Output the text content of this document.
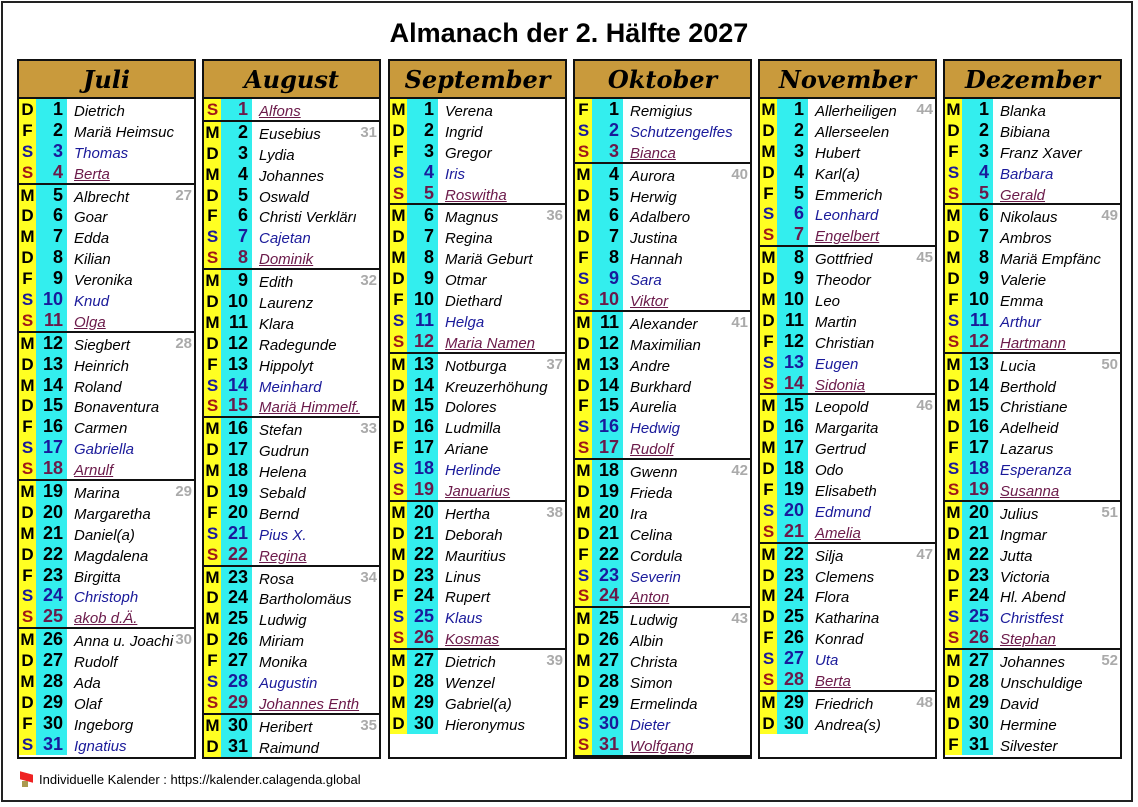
Almanach der 2. Hälfte 2027
Juli
D	1 Dietrich
F	2 Mariä Heimsuc
S	3 Thomas
S	4 Berta
M	5 Albrecht	27
D	6 Goar
M	7 Edda
D	8 Kilian
F	9 Veronika
S 10 Knud
S 11 Olga
M 12 Siegbert	28
D 13 Heinrich
M 14 Roland
D 15 Bonaventura
F 16 Carmen
S 17 Gabriella
S 18 Arnulf
M 19 Marina	29
D 20 Margaretha
M 21 Daniel(a)
D 22 Magdalena
F 23 Birgitta
S 24 Christoph
S 25 akob d.Ä.
M 26 Anna u. Joachi 30
D 27 Rudolf
M 28 Ada
D 29 Olaf
F 30 Ingeborg
S 31 Ignatius
August
S	1 Alfons
M	2 Eusebius	31
D	3 Lydia
M	4 Johannes
D	5 Oswald
F	6 Christi Verklärı
S	7 Cajetan
S	8 Dominik
M	9 Edith	32
D 10 Laurenz
M 11 Klara
D 12 Radegunde
F 13 Hippolyt
S 14 Meinhard
S 15 Mariä Himmelf.
M 16 Stefan	33
D 17 Gudrun
M 18 Helena
D 19 Sebald
F 20 Bernd
S 21 Pius X.
S 22 Regina
M 23 Rosa	34
D 24 Bartholomäus
M 25 Ludwig
D 26 Miriam
F 27 Monika
S 28 Augustin
S 29 Johannes Enth
M 30 Heribert	35
D 31 Raimund
September
M	1 Verena
D	2 Ingrid
F	3 Gregor
S	4 Iris
S	5 Roswitha
M	6 Magnus	36
D	7 Regina
M	8 Mariä Geburt
D	9 Otmar
F 10 Diethard
S 11 Helga
S 12 Maria Namen
M 13 Notburga	37
D 14 Kreuzerhöhung
M 15 Dolores
D 16 Ludmilla
F 17 Ariane
S 18 Herlinde
S 19 Januarius
M 20 Hertha	38
D 21 Deborah
M 22 Mauritius
D 23 Linus
F 24 Rupert
S 25 Klaus
S 26 Kosmas
M 27 Dietrich	39
D 28 Wenzel
M 29 Gabriel(a)
D 30 Hieronymus
Oktober
F	1 Remigius
S	2 Schutzengelfes
S	3 Bianca
M	4 Aurora	40
D	5 Herwig
M	6 Adalbero
D	7 Justina
F	8 Hannah
S	9 Sara
S 10 Viktor
M 11 Alexander	41
D 12 Maximilian
M 13 Andre
D 14 Burkhard
F 15 Aurelia
S 16 Hedwig
S 17 Rudolf
M 18 Gwenn	42
D 19 Frieda
M 20 Ira
D 21 Celina
F 22 Cordula
S 23 Severin
S 24 Anton
M 25 Ludwig	43
D 26 Albin
M 27 Christa
D 28 Simon
F 29 Ermelinda
S 30 Dieter
S 31 Wolfgang
November
M	1 Allerheiligen	44
D	2 Allerseelen
M	3 Hubert
D	4 Karl(a)
F	5 Emmerich
S	6 Leonhard
S	7 Engelbert
M	8 Gottfried	45
D	9 Theodor
M 10 Leo
D 11 Martin
F 12 Christian
S 13 Eugen
S 14 Sidonia
M 15 Leopold	46
D 16 Margarita
M 17 Gertrud
D 18 Odo
F 19 Elisabeth
S 20 Edmund
S 21 Amelia
M 22 Silja	47
D 23 Clemens
M 24 Flora
D 25 Katharina
F 26 Konrad
S 27 Uta
S 28 Berta
M 29 Friedrich	48
D 30 Andrea(s)
Dezember
M	1 Blanka
D	2 Bibiana
F	3 Franz Xaver
S	4 Barbara
S	5 Gerald
M	6 Nikolaus	49
D	7 Ambros
M	8 Mariä Empfänc
D	9 Valerie
F 10 Emma
S 11 Arthur
S 12 Hartmann
M 13 Lucia	50
D 14 Berthold
M 15 Christiane
D 16 Adelheid
F 17 Lazarus
S 18 Esperanza
S 19 Susanna
M 20 Julius	51
D 21 Ingmar
M 22 Jutta
D 23 Victoria
F 24 Hl. Abend
S 25 Christfest
S 26 Stephan
M 27 Johannes	52
D 28 Unschuldige
M 29 David
D 30 Hermine
F 31 Silvester
Individuelle Kalender : https://kalender.calagenda.global
